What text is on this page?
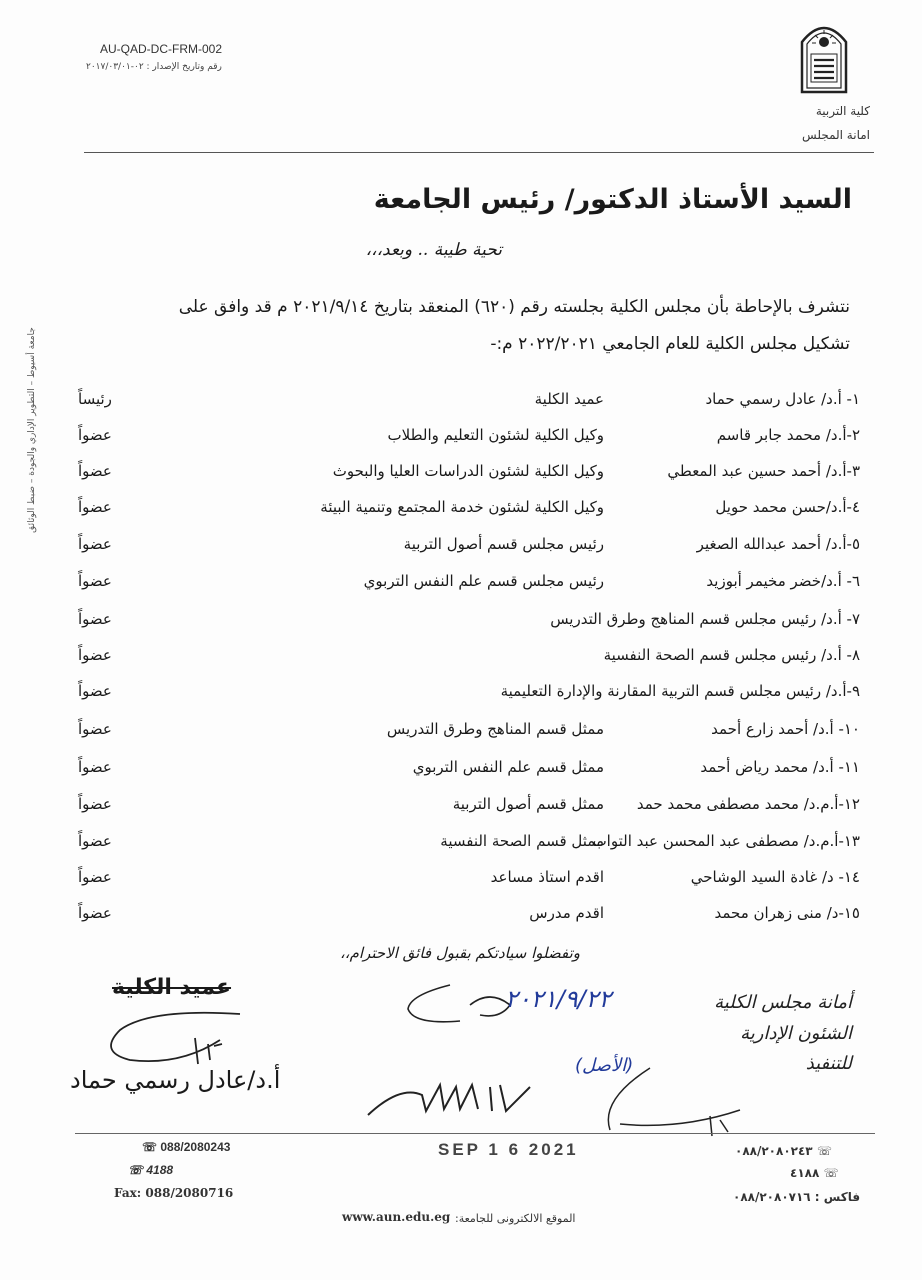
AU-QAD-DC-FRM-002
رقم وتاريخ الإصدار : ٠٢-٢٠١٧/٠٣/٠١
كلية التربية
امانة المجلس
جامعة أسيوط – التطوير الإداري والجودة – ضبط الوثائق
السيد الأستاذ الدكتور/ رئيس الجامعة
تحية طيبة .. وبعد،،،
نتشرف بالإحاطة بأن مجلس الكلية بجلسته رقم (٦٢٠) المنعقد بتاريخ ٢٠٢١/٩/١٤ م قد وافق على
تشكيل مجلس الكلية للعام الجامعي ٢٠٢٢/٢٠٢١ م:-
١- أ.د/ عادل رسمي حماد
عميد الكلية
رئيساً
٢-أ.د/ محمد جابر قاسم
وكيل الكلية لشئون التعليم والطلاب
عضواً
٣-أ.د/ أحمد حسين عبد المعطي
وكيل الكلية لشئون الدراسات العليا والبحوث
عضواً
٤-أ.د/حسن محمد حويل
وكيل الكلية لشئون خدمة المجتمع وتنمية البيئة
عضواً
٥-أ.د/ أحمد عبدالله الصغير
رئيس مجلس قسم أصول التربية
عضواً
٦- أ.د/خضر مخيمر أبوزيد
رئيس مجلس قسم علم النفس التربوي
عضواً
٧- أ.د/ رئيس مجلس قسم المناهج وطرق التدريس
عضواً
٨- أ.د/ رئيس مجلس قسم الصحة النفسية
عضواً
٩-أ.د/ رئيس مجلس قسم التربية المقارنة والإدارة التعليمية
عضواً
١٠- أ.د/ أحمد زارع أحمد
ممثل قسم المناهج وطرق التدريس
عضواً
١١- أ.د/ محمد رياض أحمد
ممثل قسم علم النفس التربوي
عضواً
١٢-أ.م.د/ محمد مصطفى محمد حمد
ممثل قسم أصول التربية
عضواً
١٣-أ.م.د/ مصطفى عبد المحسن عبد التواب
ممثل قسم الصحة النفسية
عضواً
١٤- د/ غادة السيد الوشاحي
اقدم استاذ مساعد
عضواً
١٥-د/ منى زهران محمد
اقدم مدرس
عضواً
وتفضلوا سيادتكم بقبول فائق الاحترام،،
عميد الكلية
أ.د/عادل رسمي حماد
٢٠٢١/٩/٢٢	أمانة مجلس الكلية
الشئون الإدارية
للتنفيذ
(الأصل)
☏ 088/2080243
☏ 4188
Fax: 088/2080716
SEP 1 6 2021	٠٨٨/٢٠٨٠٢٤٣ ☏
٤١٨٨ ☏
فاكس : ٠٨٨/٢٠٨٠٧١٦
الموقع الالكترونى للجامعة:
www.aun.edu.eg
